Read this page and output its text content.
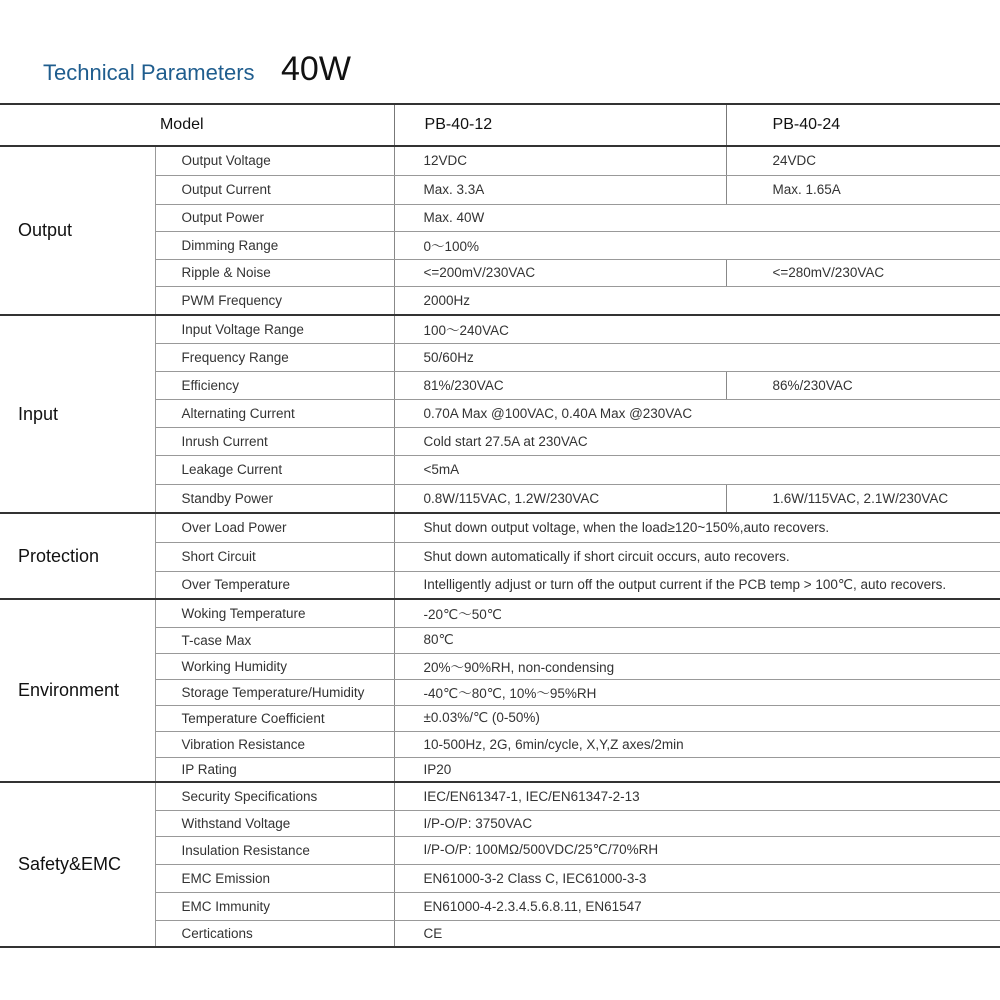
Technical Parameters 40W
Model		PB-40-12	PB-40-24
Output	Output Voltage	12VDC	24VDC
	Output Current	Max. 3.3A	Max. 1.65A
	Output Power	Max. 40W	
	Dimming Range	0～100%	
	Ripple & Noise	<=200mV/230VAC	<=280mV/230VAC
	PWM Frequency	2000Hz	
Input	Input Voltage Range	100～240VAC	
	Frequency Range	50/60Hz	
	Efficiency	81%/230VAC	86%/230VAC
	Alternating Current	0.70A Max @100VAC, 0.40A Max @230VAC	
	Inrush Current	Cold start 27.5A at 230VAC	
	Leakage Current	<5mA	
	Standby Power	0.8W/115VAC, 1.2W/230VAC	1.6W/115VAC, 2.1W/230VAC
Protection	Over Load Power	Shut down output voltage, when the load≥120~150%,auto recovers.	
	Short Circuit	Shut down automatically if short circuit occurs, auto recovers.	
	Over Temperature	Intelligently adjust or turn off the output current if the PCB temp > 100℃, auto recovers.	
Environment	Woking Temperature	-20℃～50℃	
	T-case Max	80℃	
	Working Humidity	20%～90%RH, non-condensing	
	Storage Temperature/Humidity	-40℃～80℃, 10%～95%RH	
	Temperature Coefficient	±0.03%/℃ (0-50%)	
	Vibration Resistance	10-500Hz, 2G, 6min/cycle, X,Y,Z axes/2min	
	IP Rating	IP20	
Safety&EMC	Security Specifications	IEC/EN61347-1, IEC/EN61347-2-13	
	Withstand Voltage	I/P-O/P: 3750VAC	
	Insulation Resistance	I/P-O/P: 100MΩ/500VDC/25℃/70%RH	
	EMC Emission	EN61000-3-2 Class C, IEC61000-3-3	
	EMC Immunity	EN61000-4-2.3.4.5.6.8.11, EN61547	
	Certications	CE	
